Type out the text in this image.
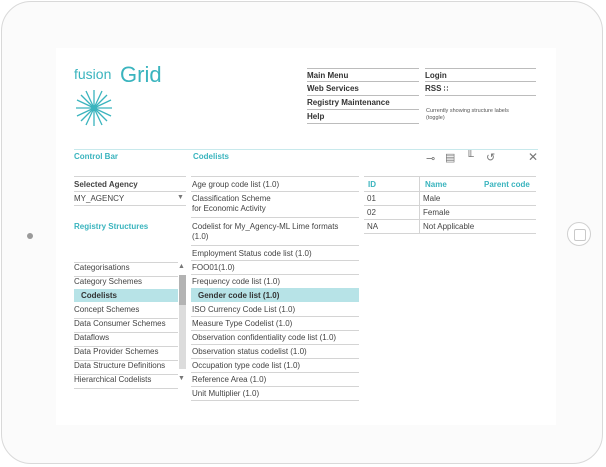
fusion Grid	Main Menu
Web Services
Registry Maintenance
Help
Login
RSS ∷
Currently showing structure labels (toggle)
Control Bar	Codelists	⊸ ▤ ╙ ↺	✕
Selected Agency
MY_AGENCY	▼
Registry Structures
Categorisations
Category Schemes
Codelists
Concept Schemes
Data Consumer Schemes
Dataflows
Data Provider Schemes
Data Structure Definitions
Hierarchical Codelists
▲
▼
Age group code list (1.0)
Classification Scheme
for Economic Activity
Codelist for My_Agency-ML Lime formats
(1.0)
Employment Status code list (1.0)
FOO01(1.0)
Frequency code list (1.0)
Gender code list (1.0)
ISO Currency Code List (1.0)
Measure Type Codelist (1.0)
Observation confidentiality code list (1.0)
Observation status codelist (1.0)
Occupation type code list (1.0)
Reference Area (1.0)
Unit Multiplier (1.0)
ID	Name	Parent code
01	Male
02	Female
NA	Not Applicable
